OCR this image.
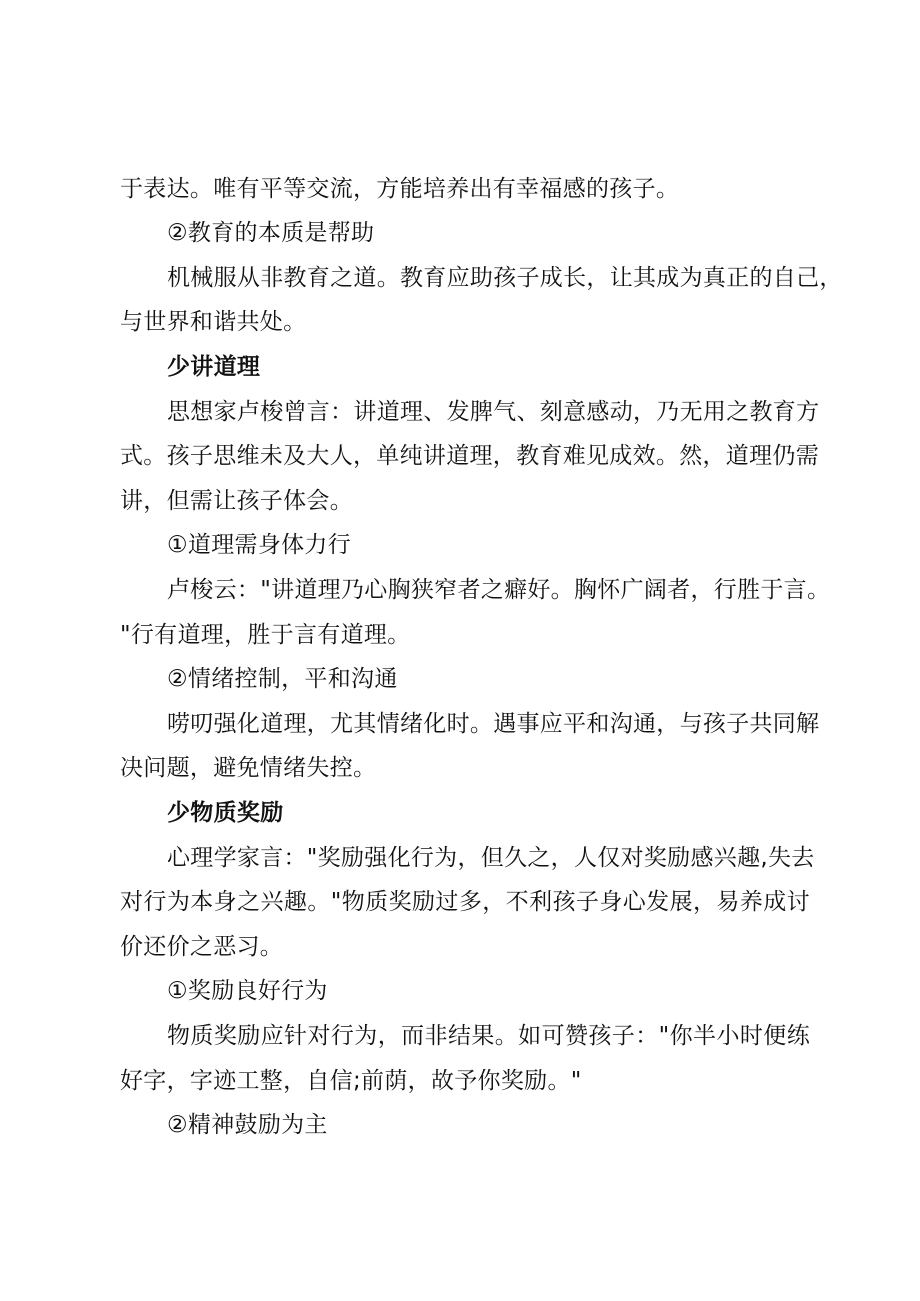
于表达。唯有平等交流，方能培养出有幸福感的孩子。
②教育的本质是帮助
机械服从非教育之道。教育应助孩子成长，让其成为真正的自己，
与世界和谐共处。
少讲道理
思想家卢梭曾言：讲道理、发脾气、刻意感动，乃无用之教育方
式。孩子思维未及大人，单纯讲道理，教育难见成效。然，道理仍需
讲，但需让孩子体会。
①道理需身体力行
卢梭云："讲道理乃心胸狭窄者之癖好。胸怀广阔者，行胜于言。
"行有道理，胜于言有道理。
②情绪控制，平和沟通
唠叨强化道理，尤其情绪化时。遇事应平和沟通，与孩子共同解
决问题，避免情绪失控。
少物质奖励
心理学家言："奖励强化行为，但久之，人仅对奖励感兴趣,失去
对行为本身之兴趣。"物质奖励过多，不利孩子身心发展，易养成讨
价还价之恶习。
①奖励良好行为
物质奖励应针对行为，而非结果。如可赞孩子："你半小时便练
好字，字迹工整，自信;前荫，故予你奖励。"
②精神鼓励为主
